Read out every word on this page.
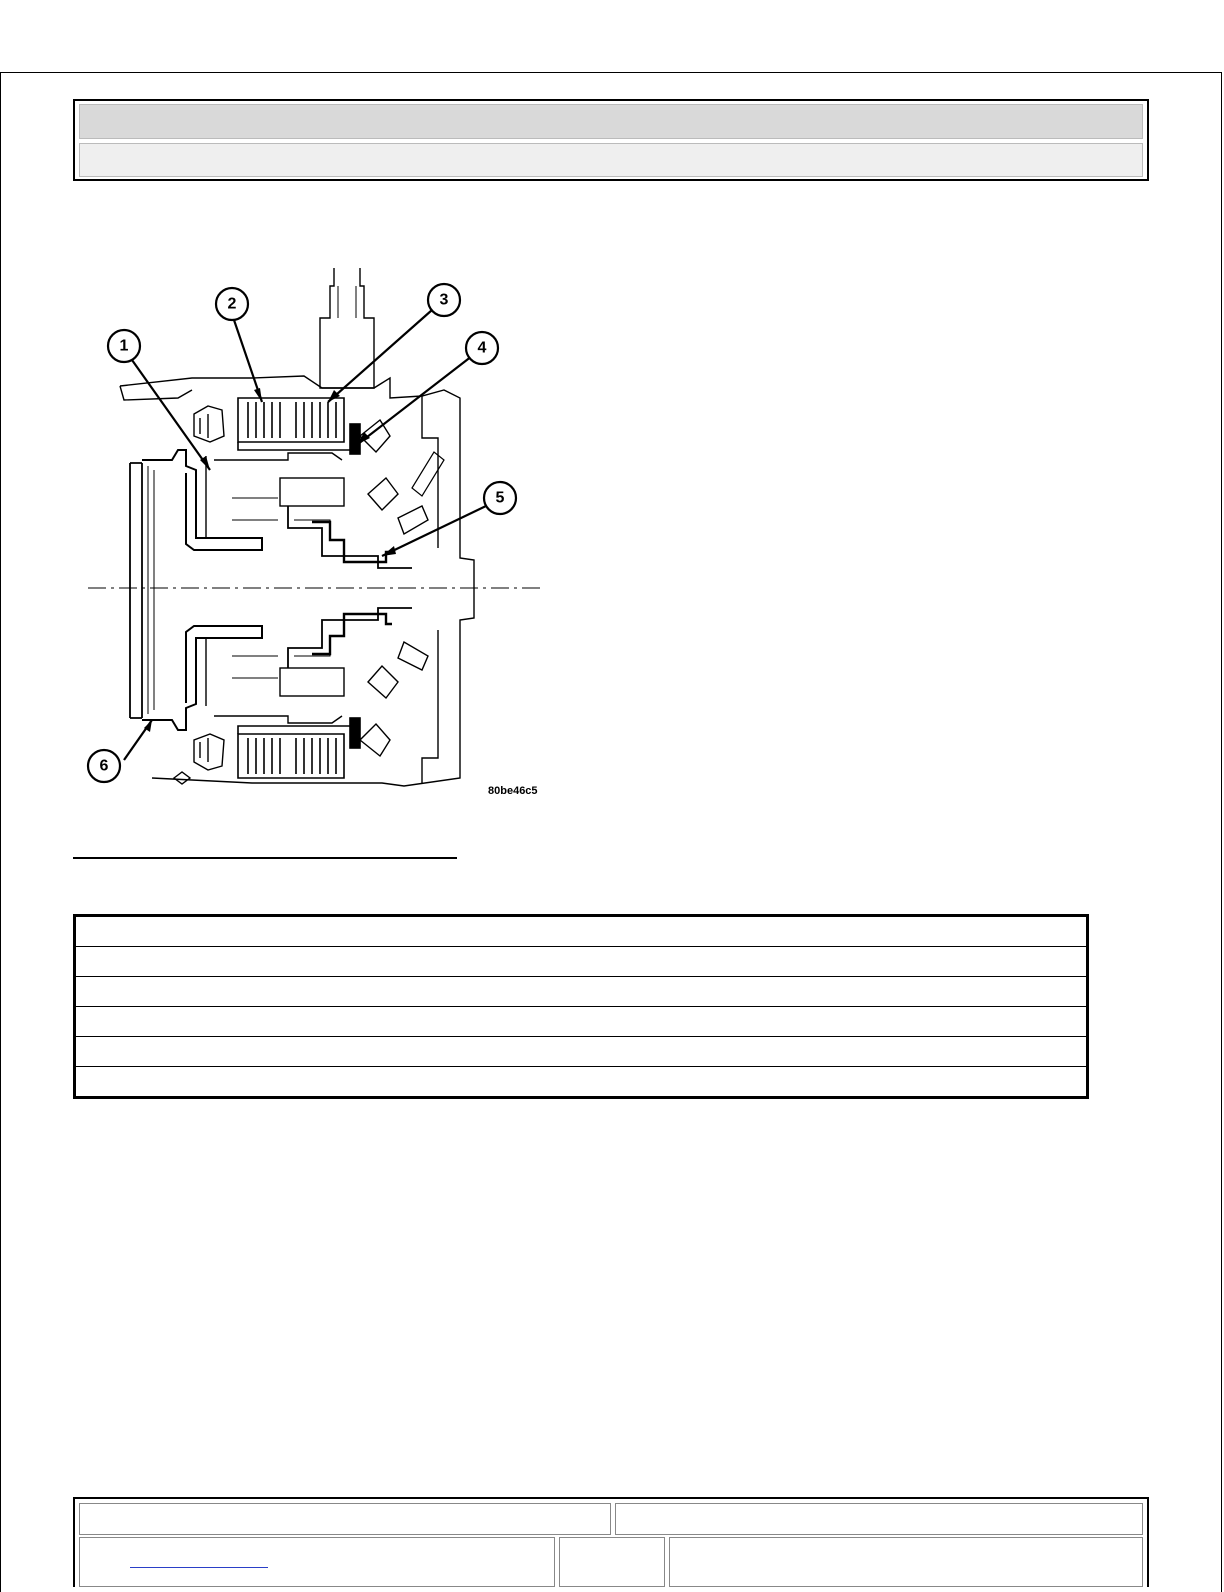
1
2	3
4
5
6
80be46c5
